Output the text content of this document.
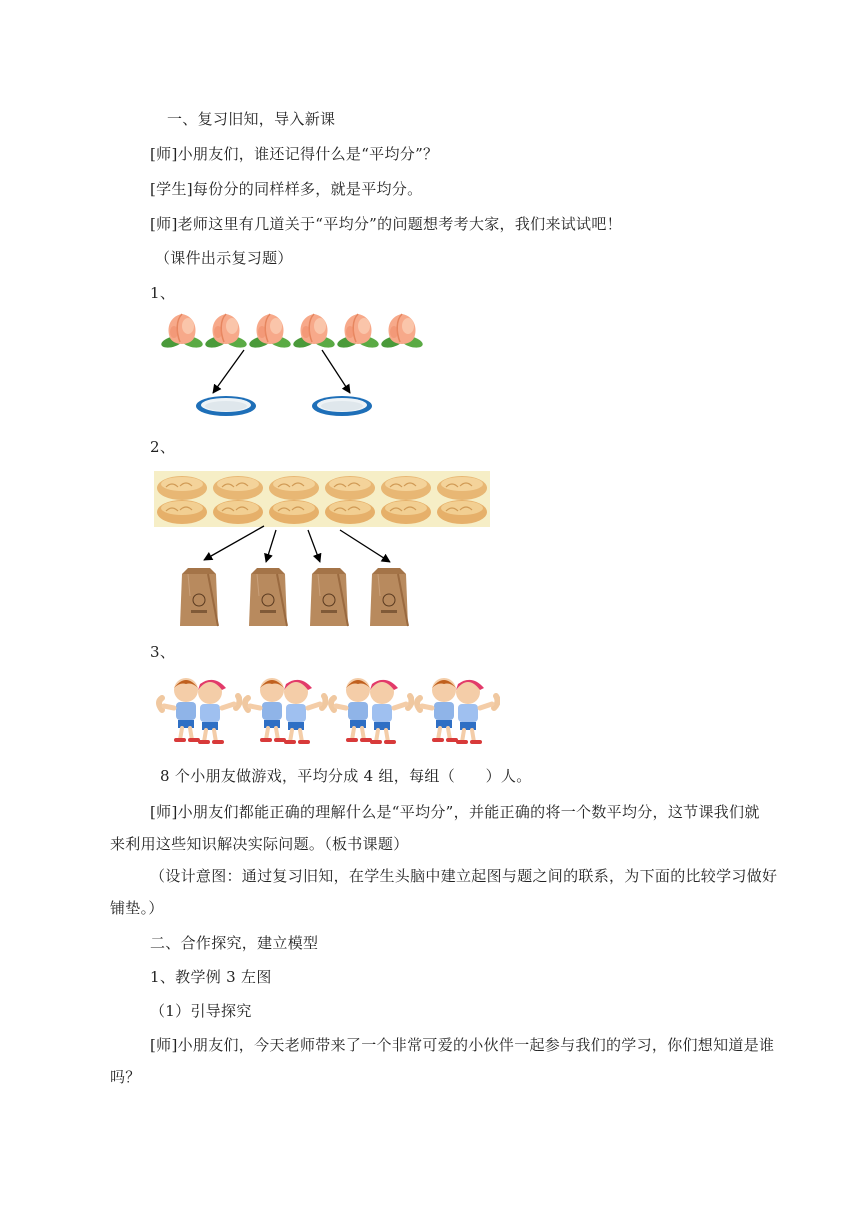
一、复习旧知，导入新课
[师]小朋友们，谁还记得什么是“平均分”？
[学生]每份分的同样样多，就是平均分。
[师]老师这里有几道关于“平均分”的问题想考考大家，我们来试试吧！
（课件出示复习题）
1、
2、
3、
8 个小朋友做游戏，平均分成 4 组，每组（　　）人。
[师]小朋友们都能正确的理解什么是“平均分”，并能正确的将一个数平均分，这节课我们就
来利用这些知识解决实际问题。（板书课题）
（设计意图：通过复习旧知，在学生头脑中建立起图与题之间的联系，为下面的比较学习做好
铺垫。）
二、合作探究，建立模型
1、教学例 3 左图
（1）引导探究
[师]小朋友们，今天老师带来了一个非常可爱的小伙伴一起参与我们的学习，你们想知道是谁
吗？
